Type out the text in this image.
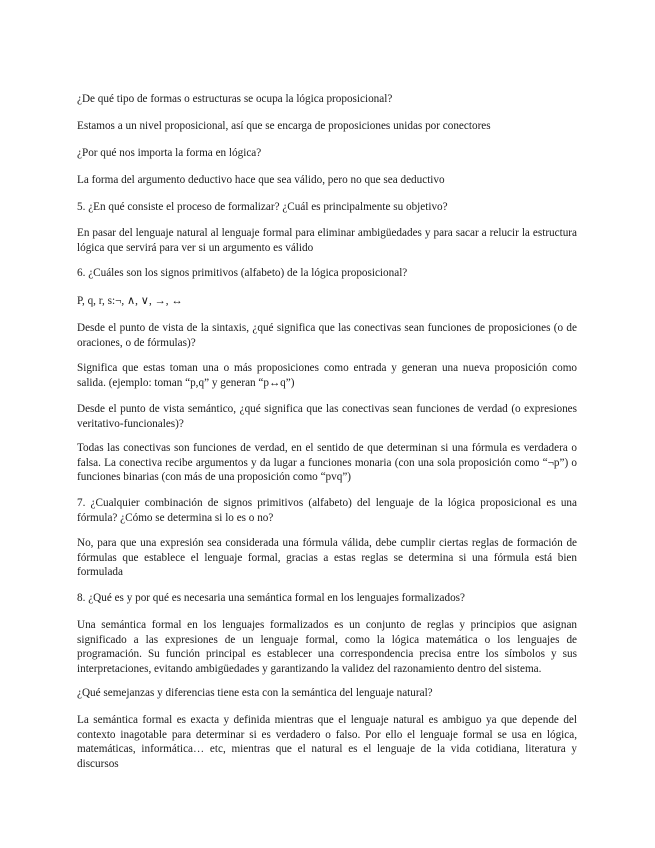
¿De qué tipo de formas o estructuras se ocupa la lógica proposicional?

Estamos a un nivel proposicional, así que se encarga de proposiciones unidas por conectores

¿Por qué nos importa la forma en lógica?

La forma del argumento deductivo hace que sea válido, pero no que sea deductivo

5. ¿En qué consiste el proceso de formalizar? ¿Cuál es principalmente su objetivo?

En pasar del lenguaje natural al lenguaje formal para eliminar ambigüedades y para sacar a relucir la estructura lógica que servirá para ver si un argumento es válido

6. ¿Cuáles son los signos primitivos (alfabeto) de la lógica proposicional?

P, q, r, s:¬, ∧, ∨, →, ↔

Desde el punto de vista de la sintaxis, ¿qué significa que las conectivas sean funciones de proposiciones (o de oraciones, o de fórmulas)?

Significa que estas toman una o más proposiciones como entrada y generan una nueva proposición como salida. (ejemplo: toman “p,q” y generan “p↔q”)

Desde el punto de vista semántico, ¿qué significa que las conectivas sean funciones de verdad (o expresiones veritativo-funcionales)?

Todas las conectivas son funciones de verdad, en el sentido de que determinan si una fórmula es verdadera o falsa. La conectiva recibe argumentos y da lugar a funciones monaria (con una sola proposición como “¬p”) o funciones binarias (con más de una proposición como “pvq”)

7. ¿Cualquier combinación de signos primitivos (alfabeto) del lenguaje de la lógica proposicional es una fórmula? ¿Cómo se determina si lo es o no?

No, para que una expresión sea considerada una fórmula válida, debe cumplir ciertas reglas de formación de fórmulas que establece el lenguaje formal, gracias a estas reglas se determina si una fórmula está bien formulada

8. ¿Qué es y por qué es necesaria una semántica formal en los lenguajes formalizados?

Una semántica formal en los lenguajes formalizados es un conjunto de reglas y principios que asignan significado a las expresiones de un lenguaje formal, como la lógica matemática o los lenguajes de programación. Su función principal es establecer una correspondencia precisa entre los símbolos y sus interpretaciones, evitando ambigüedades y garantizando la validez del razonamiento dentro del sistema.

¿Qué semejanzas y diferencias tiene esta con la semántica del lenguaje natural?

La semántica formal es exacta y definida mientras que el lenguaje natural es ambiguo ya que depende del contexto inagotable para determinar si es verdadero o falso. Por ello el lenguaje formal se usa en lógica, matemáticas, informática… etc, mientras que el natural es el lenguaje de la vida cotidiana, literatura y discursos
